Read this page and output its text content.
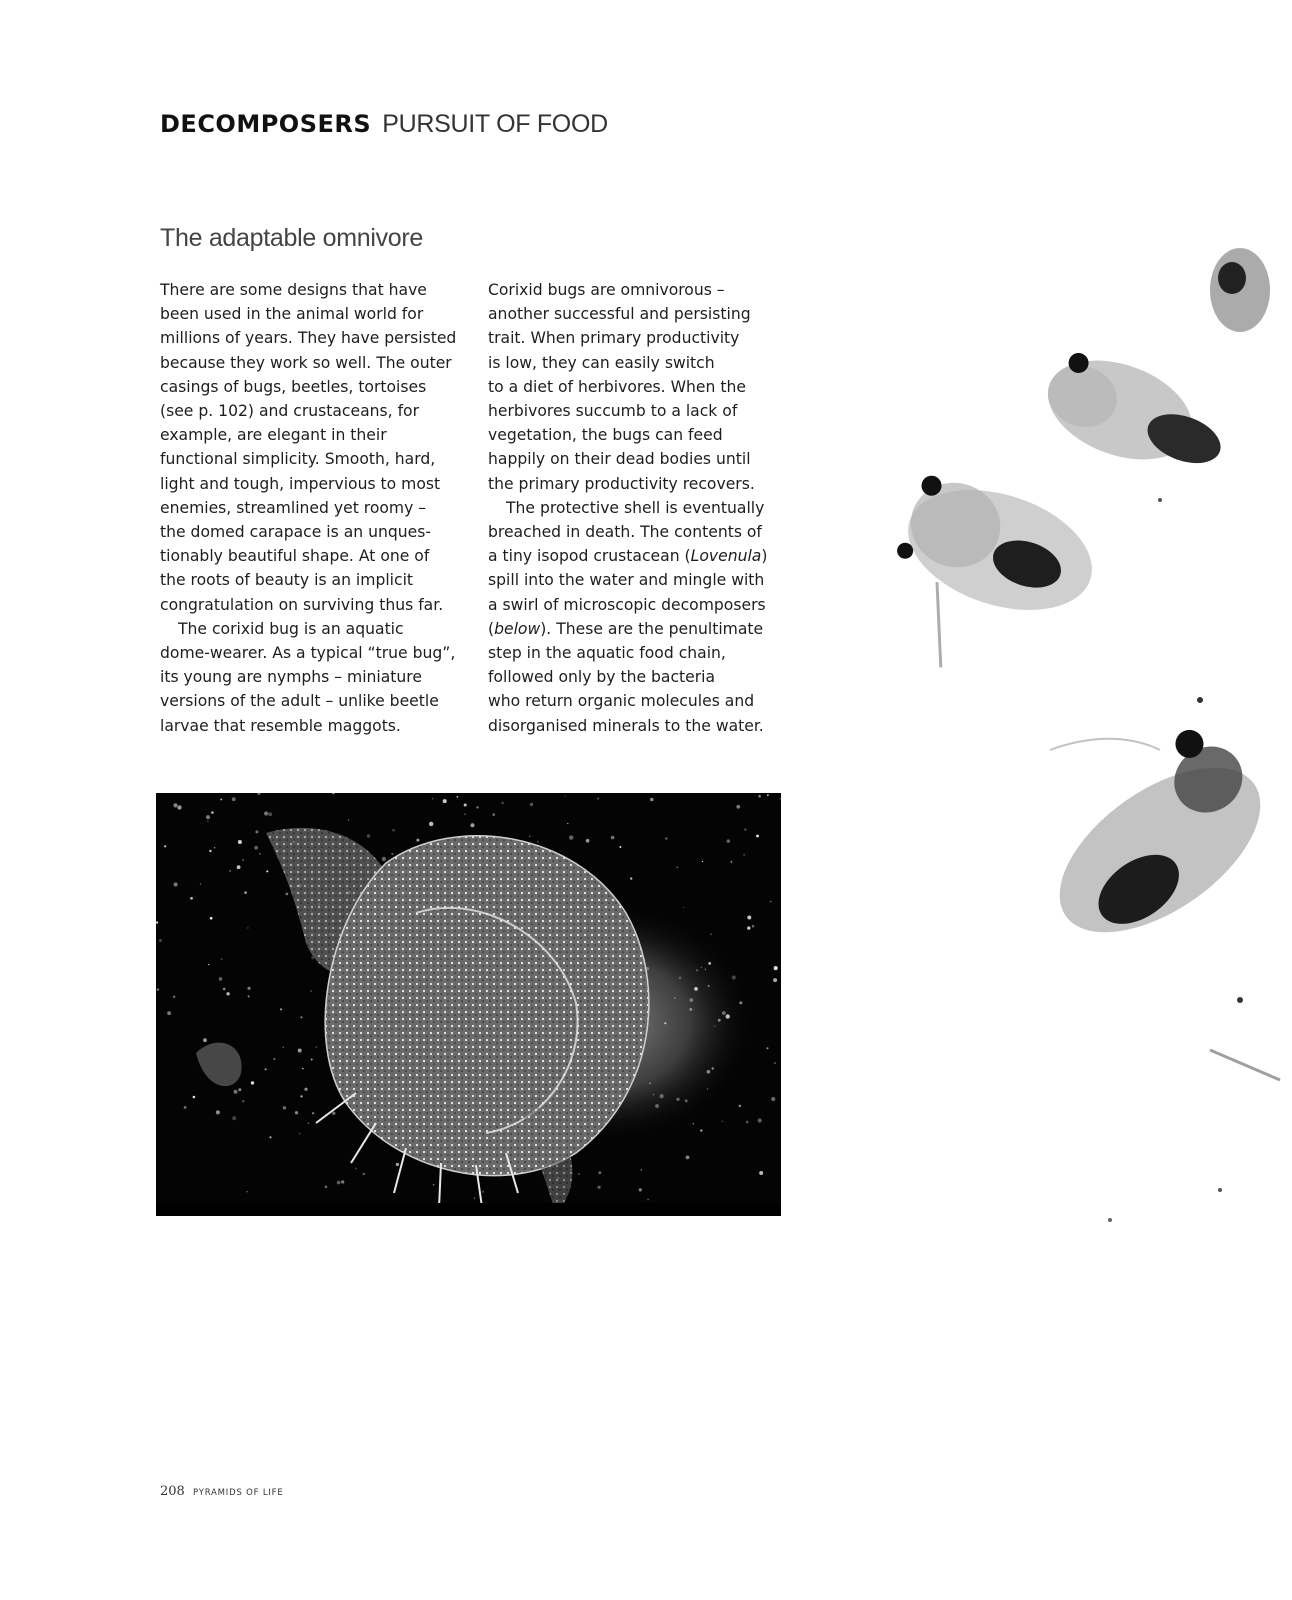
DECOMPOSERS PURSUIT OF FOOD
The adaptable omnivore

There are some designs that have
been used in the animal world for
millions of years. They have persisted
because they work so well. The outer
casings of bugs, beetles, tortoises
(see p. 102) and crustaceans, for
example, are elegant in their
functional simplicity. Smooth, hard,
light and tough, impervious to most
enemies, streamlined yet roomy –
the domed carapace is an unques-
tionably beautiful shape. At one of
the roots of beauty is an implicit
congratulation on surviving thus far.

The corixid bug is an aquatic
dome-wearer. As a typical “true bug”,
its young are nymphs – miniature
versions of the adult – unlike beetle
larvae that resemble maggots.

Corixid bugs are omnivorous –
another successful and persisting
trait. When primary productivity
is low, they can easily switch
to a diet of herbivores. When the
herbivores succumb to a lack of
vegetation, the bugs can feed
happily on their dead bodies until
the primary productivity recovers.

The protective shell is eventually
breached in death. The contents of
a tiny isopod crustacean (Lovenula)
spill into the water and mingle with
a swirl of microscopic decomposers
(below). These are the penultimate
step in the aquatic food chain,
followed only by the bacteria
who return organic molecules and
disorganised minerals to the water.

208 PYRAMIDS OF LIFE
